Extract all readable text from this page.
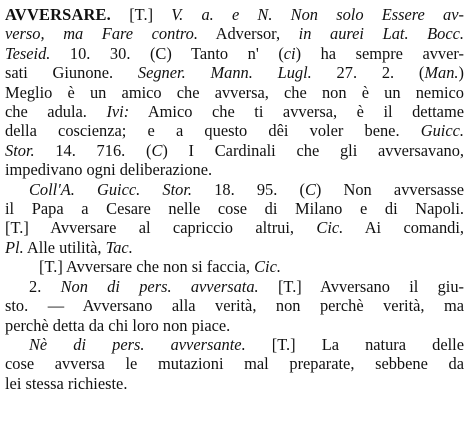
AVVERSARE. [T.] V. a. e N. Non solo Essere av-
verso, ma Fare contro. Adversor, in aurei Lat. Bocc.
Teseid. 10. 30. (C) Tanto n' (ci) ha sempre avver-
sati Giunone. Segner. Mann. Lugl. 27. 2. (Man.)
Meglio è un amico che avversa, che non è un nemico
che adula. Ivi: Amico che ti avversa, è il dettame
della coscienza; e a questo dêi voler bene. Guicc.
Stor. 14. 716. (C) I Cardinali che gli avversavano,
impedivano ogni deliberazione.
Coll'A. Guicc. Stor. 18. 95. (C) Non avversasse
il Papa a Cesare nelle cose di Milano e di Napoli.
[T.] Avversare al capriccio altrui, Cic. Ai comandi,
Pl. Alle utilità, Tac.
[T.] Avversare che non si faccia, Cic.
2. Non di pers. avversata. [T.] Avversano il giu-
sto. — Avversano alla verità, non perchè verità, ma
perchè detta da chi loro non piace.
Nè di pers. avversante. [T.] La natura delle
cose avversa le mutazioni mal preparate, sebbene da
lei stessa richieste.
